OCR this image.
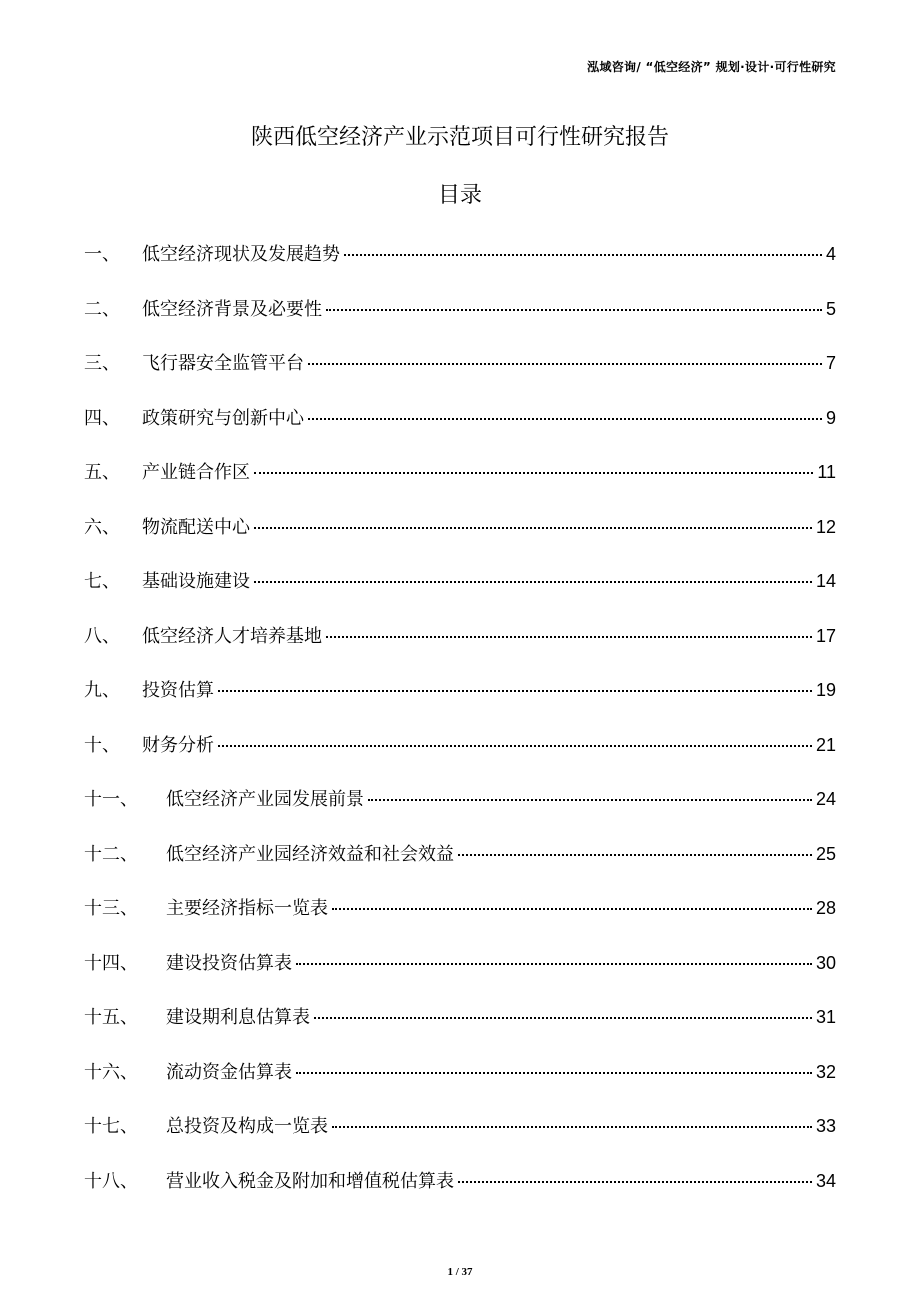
泓域咨询/ “低空经济” 规划·设计·可行性研究
陕西低空经济产业示范项目可行性研究报告
目录
一、	低空经济现状及发展趋势	4
二、	低空经济背景及必要性	5
三、	飞行器安全监管平台	7
四、	政策研究与创新中心	9
五、	产业链合作区	11
六、	物流配送中心	12
七、	基础设施建设	14
八、	低空经济人才培养基地	17
九、	投资估算	19
十、	财务分析	21
十一、	低空经济产业园发展前景	24
十二、	低空经济产业园经济效益和社会效益	25
十三、	主要经济指标一览表	28
十四、	建设投资估算表	30
十五、	建设期利息估算表	31
十六、	流动资金估算表	32
十七、	总投资及构成一览表	33
十八、	营业收入税金及附加和增值税估算表	34
1 / 37
